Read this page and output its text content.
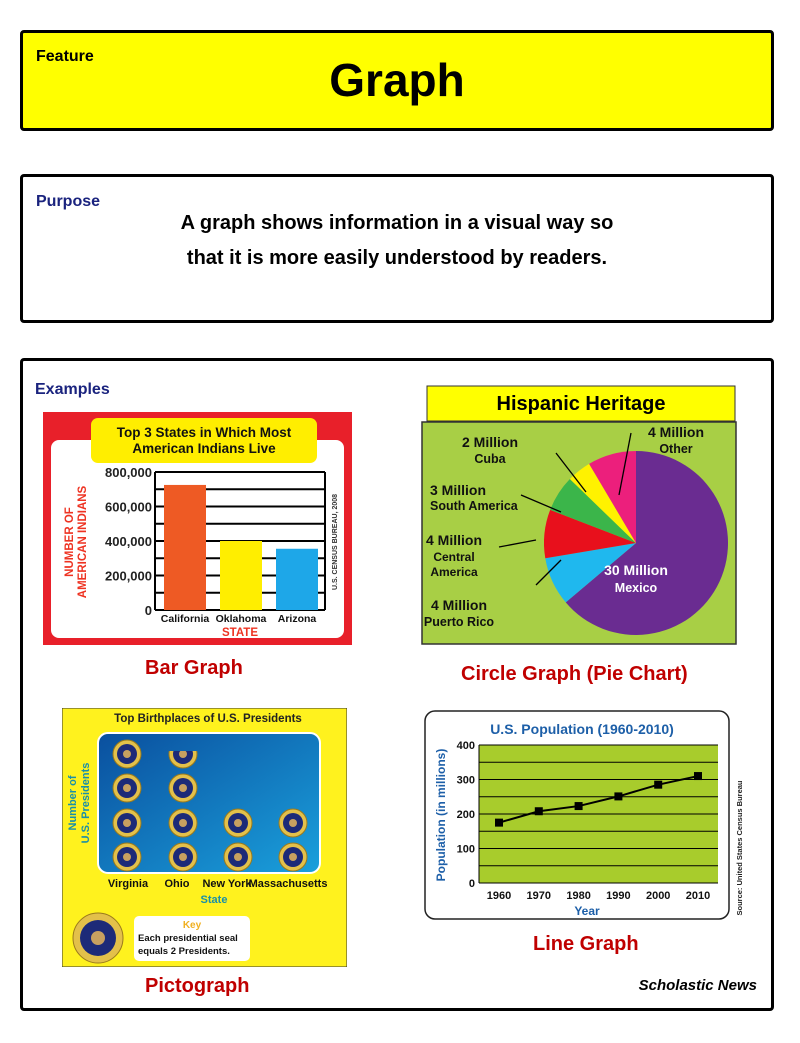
Feature	Graph
Purpose
A graph shows information in a visual way so
that it is more easily understood by readers.
Examples
Bar Graph	Circle Graph (Pie Chart)
Pictograph
Line Graph
Scholastic News
Top 3 States in Which Most
American Indians Live
0
200,000
400,000
600,000
800,000
California Oklahoma Arizona
STATE
NUMBER OF AMERICAN INDIANS	U.S. CENSUS BUREAU, 2008
Hispanic Heritage
30 Million
Mexico
4 Million
Puerto Rico
4 Million
Central
America
3 Million
South America
2 Million
Cuba
4 Million
Other
Top Birthplaces of U.S. Presidents
Virginia Ohio New York
Massachusetts
State
Number of U.S. Presidents
Key
Each presidential seal
equals 2 Presidents.
U.S. Population (1960-2010)
0
100
200
300
400
1960 1970 1980 1990 2000 2010
Year
Population (in millions)	Source: United States Census Bureau
